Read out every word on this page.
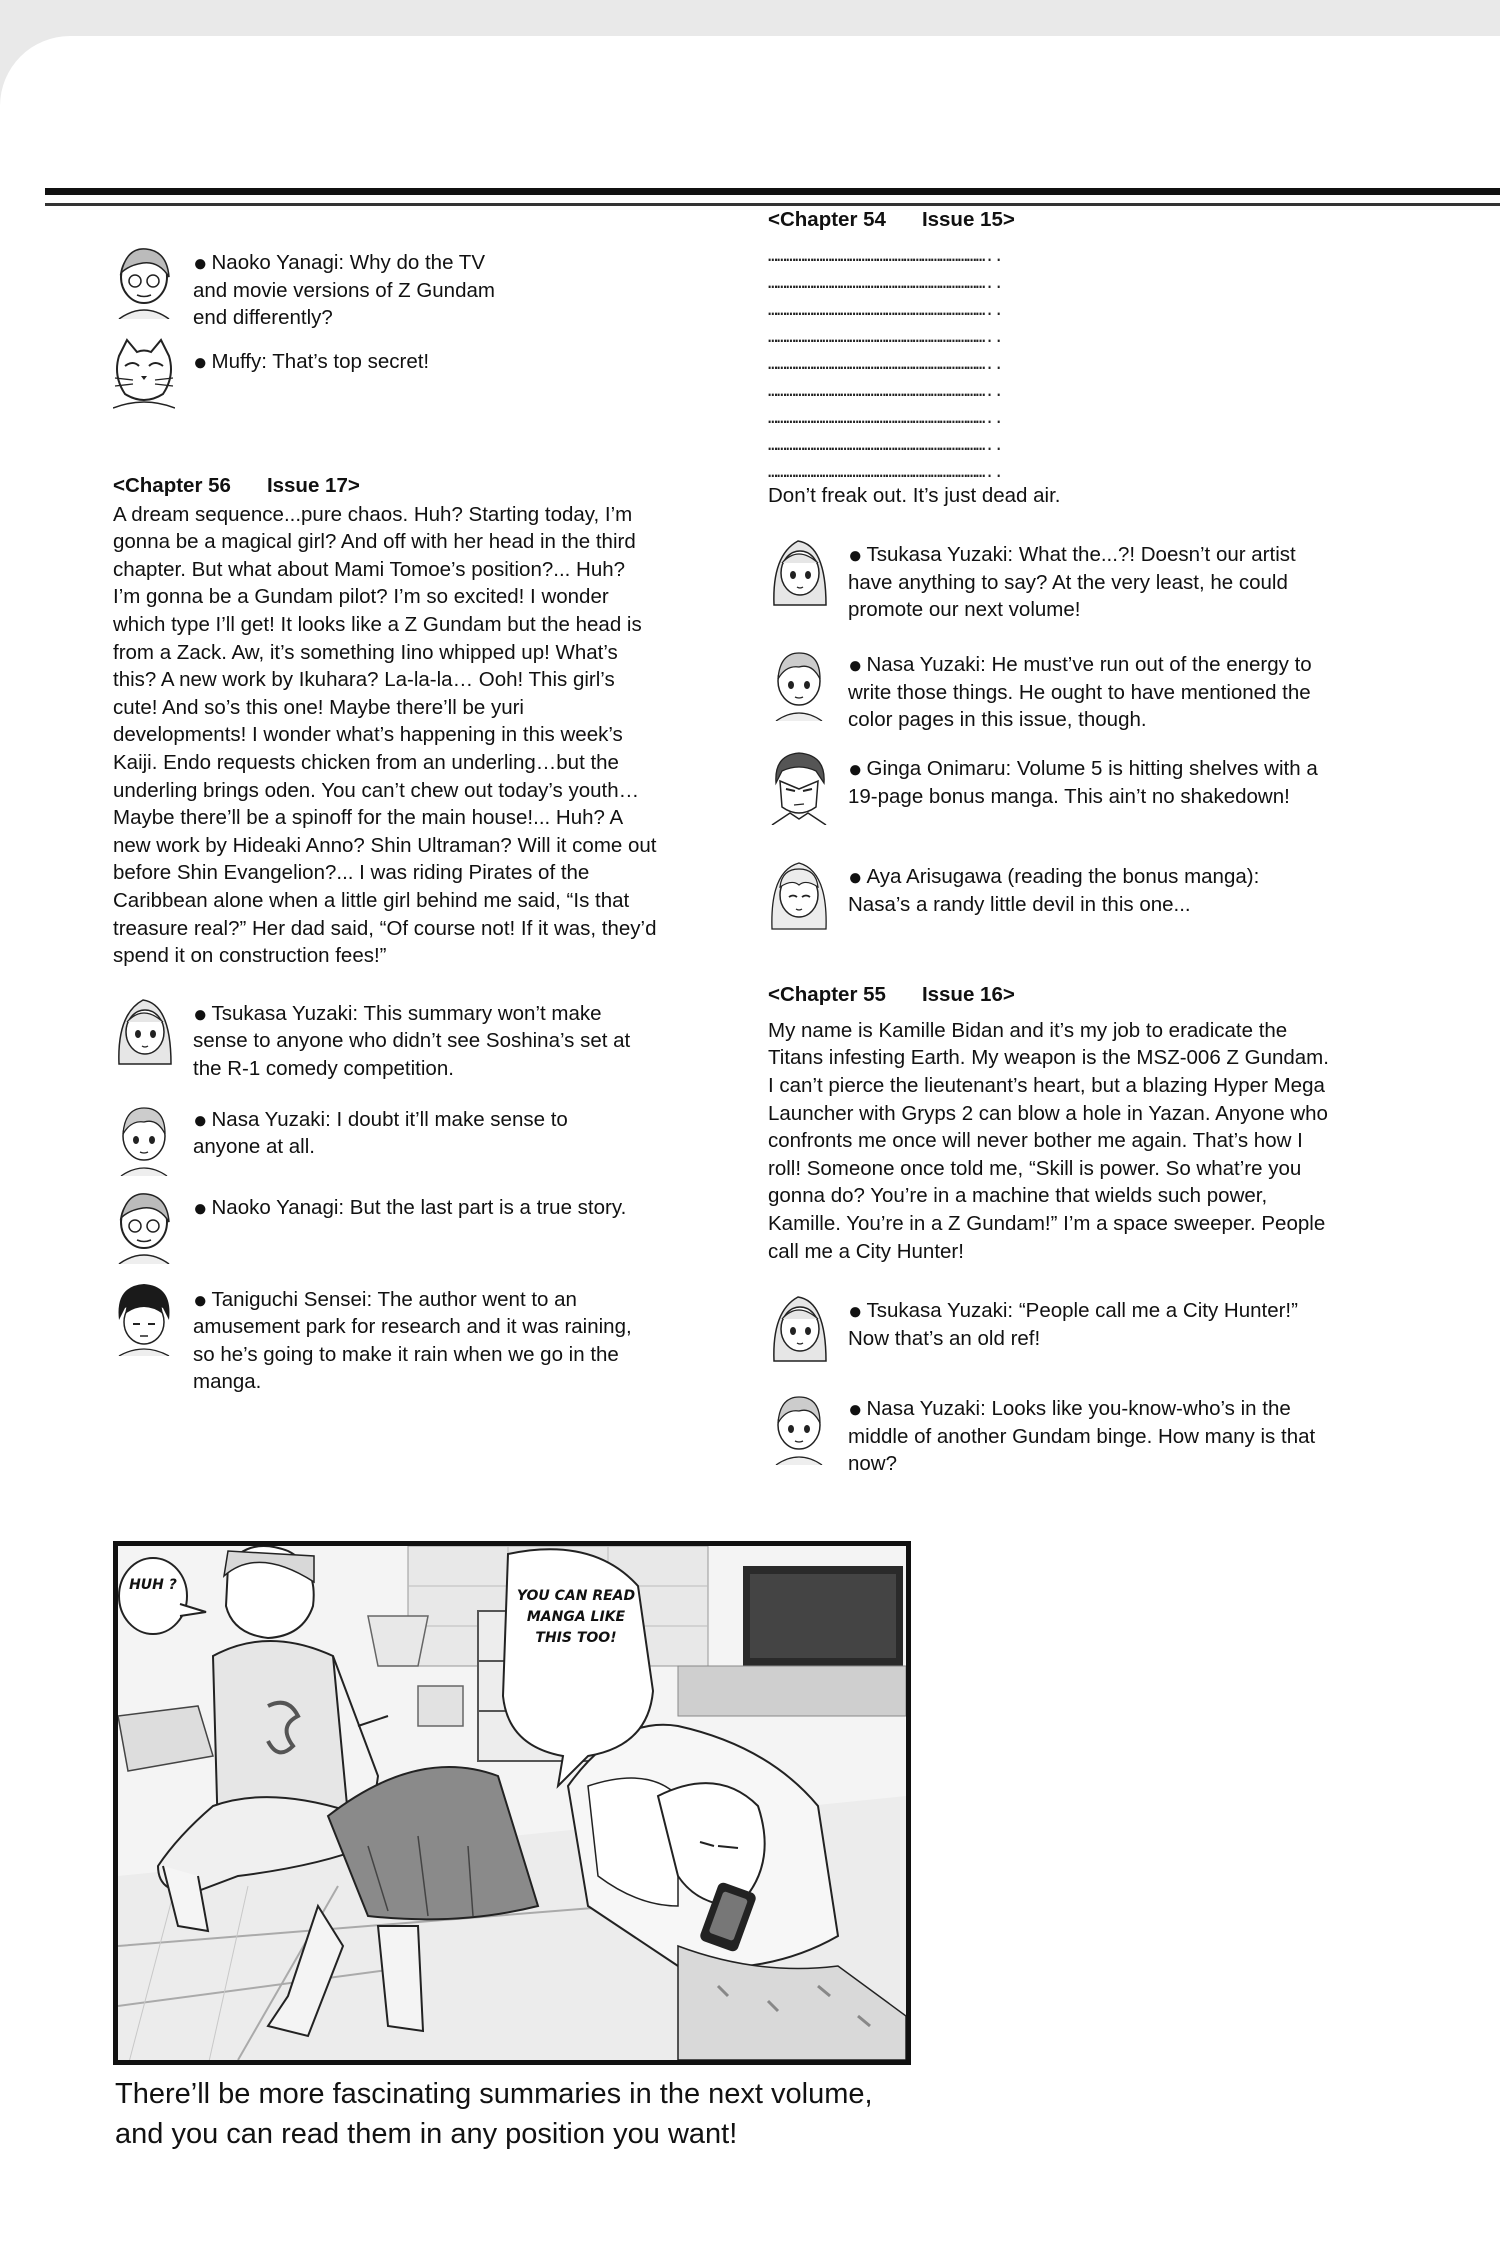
● Naoko Yanagi: Why do the TV and movie versions of Z Gundam end differently?
● Muffy: That’s top secret!

<Chapter 56 Issue 17>

A dream sequence...pure chaos. Huh? Starting today, I’m gonna be a magical girl? And off with her head in the third chapter. But what about Mami Tomoe’s position?... Huh? I’m gonna be a Gundam pilot? I’m so excited! I wonder which type I’ll get! It looks like a Z Gundam but the head is from a Zack. Aw, it’s something Iino whipped up! What’s this? A new work by Ikuhara? La-la-la… Ooh! This girl’s cute! And so’s this one! Maybe there’ll be yuri developments! I wonder what’s happening in this week’s Kaiji. Endo requests chicken from an underling…but the underling brings oden. You can’t chew out today’s youth… Maybe there’ll be a spinoff for the main house!... Huh? A new work by Hideaki Anno? Shin Ultraman? Will it come out before Shin Evangelion?... I was riding Pirates of the Caribbean alone when a little girl behind me said, “Is that treasure real?” Her dad said, “Of course not! If it was, they’d spend it on construction fees!”

● Tsukasa Yuzaki: This summary won’t make sense to anyone who didn’t see Soshina’s set at the R-1 comedy competition.
● Nasa Yuzaki: I doubt it’ll make sense to anyone at all.
● Naoko Yanagi: But the last part is a true story.
● Taniguchi Sensei: The author went to an amusement park for research and it was raining, so he’s going to make it rain when we go in the manga.

<Chapter 54 Issue 15>

………………………………………………………………..
………………………………………………………………..
………………………………………………………………..
………………………………………………………………..
………………………………………………………………..
………………………………………………………………..
………………………………………………………………..
………………………………………………………………..
………………………………………………………………..

Don’t freak out. It’s just dead air.

● Tsukasa Yuzaki: What the...?! Doesn’t our artist have anything to say? At the very least, he could promote our next volume!
● Nasa Yuzaki: He must’ve run out of the energy to write those things. He ought to have mentioned the color pages in this issue, though.
● Ginga Onimaru: Volume 5 is hitting shelves with a 19-page bonus manga. This ain’t no shakedown!
● Aya Arisugawa (reading the bonus manga): Nasa’s a randy little devil in this one...

<Chapter 55 Issue 16>

My name is Kamille Bidan and it’s my job to eradicate the Titans infesting Earth. My weapon is the MSZ-006 Z Gundam. I can’t pierce the lieutenant’s heart, but a blazing Hyper Mega Launcher with Gryps 2 can blow a hole in Yazan. Anyone who confronts me once will never bother me again. That’s how I roll! Someone once told me, “Skill is power. So what’re you gonna do? You’re in a machine that wields such power, Kamille. You’re in a Z Gundam!” I’m a space sweeper. People call me a City Hunter!

● Tsukasa Yuzaki: “People call me a City Hunter!” Now that’s an old ref!
● Nasa Yuzaki: Looks like you-know-who’s in the middle of another Gundam binge. How many is that now?
HUH ?
YOU CAN READ MANGA LIKE THIS TOO!

There’ll be more fascinating summaries in the next volume,
and you can read them in any position you want!
